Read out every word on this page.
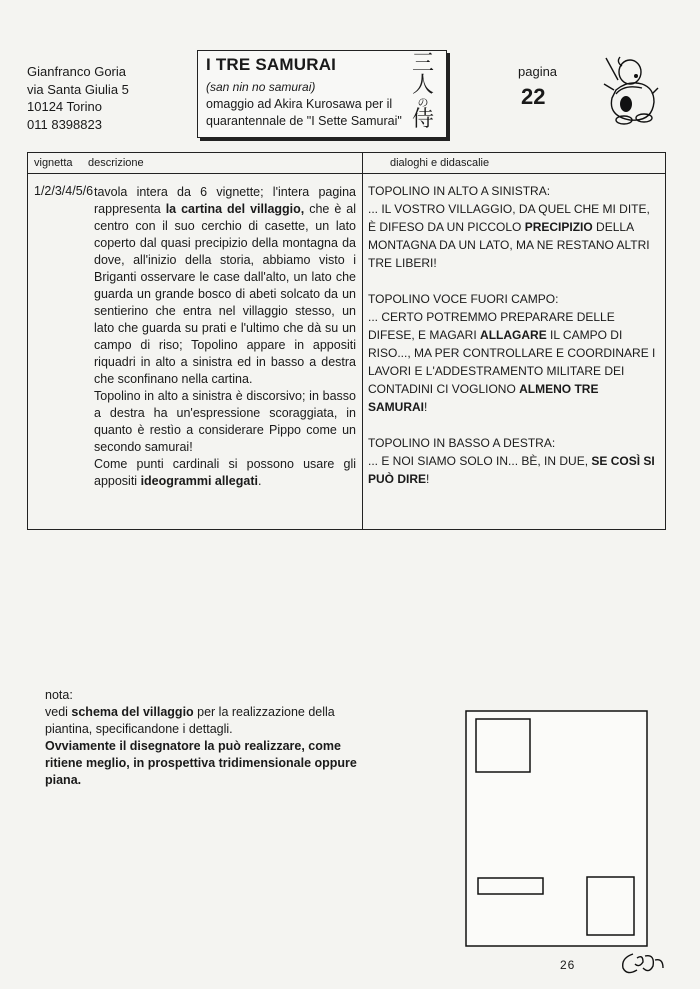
Gianfranco Goria
via Santa Giulia 5
10124 Torino
011 8398823
I TRE SAMURAI
(san nin no samurai)
omaggio ad Akira Kurosawa per il
quarantennale de "I Sette Samurai"
三
人
の
侍
pagina
22
vignetta descrizione	dialoghi e didascalie
1/2/3/4/5/6 tavola intera da 6 vignette; l'intera pagina rappresenta la cartina del villaggio, che è al centro con il suo cerchio di casette, un lato coperto dal quasi precipizio della montagna da dove, all'inizio della storia, abbiamo visto i Briganti osservare le case dall'alto, un lato che guarda un grande bosco di abeti solcato da un sentierino che entra nel villaggio stesso, un lato che guarda su prati e l'ultimo che dà su un campo di riso; Topolino appare in appositi riquadri in alto a sinistra ed in basso a destra che sconfinano nella cartina.

Topolino in alto a sinistra è discorsivo; in basso a destra ha un'espressione scoraggiata, in quanto è restìo a considerare Pippo come un secondo samurai!

Come punti cardinali si possono usare gli appositi ideogrammi allegati.

TOPOLINO IN ALTO A SINISTRA:
... IL VOSTRO VILLAGGIO, DA QUEL CHE MI DITE, È DIFESO DA UN PICCOLO PRECIPIZIO DELLA MONTAGNA DA UN LATO, MA NE RESTANO ALTRI TRE LIBERI!

TOPOLINO VOCE FUORI CAMPO:
... CERTO POTREMMO PREPARARE DELLE DIFESE, E MAGARI ALLAGARE IL CAMPO DI RISO..., MA PER CONTROLLARE E COORDINARE I LAVORI E L'ADDESTRAMENTO MILITARE DEI CONTADINI CI VOGLIONO ALMENO TRE SAMURAI!

TOPOLINO IN BASSO A DESTRA:
... E NOI SIAMO SOLO IN... BÈ, IN DUE, SE COSÌ SI PUÒ DIRE!

nota:

vedi schema del villaggio per la realizzazione della piantina, specificandone i dettagli.

Ovviamente il disegnatore la può realizzare, come ritiene meglio, in prospettiva tridimensionale oppure piana.

26
